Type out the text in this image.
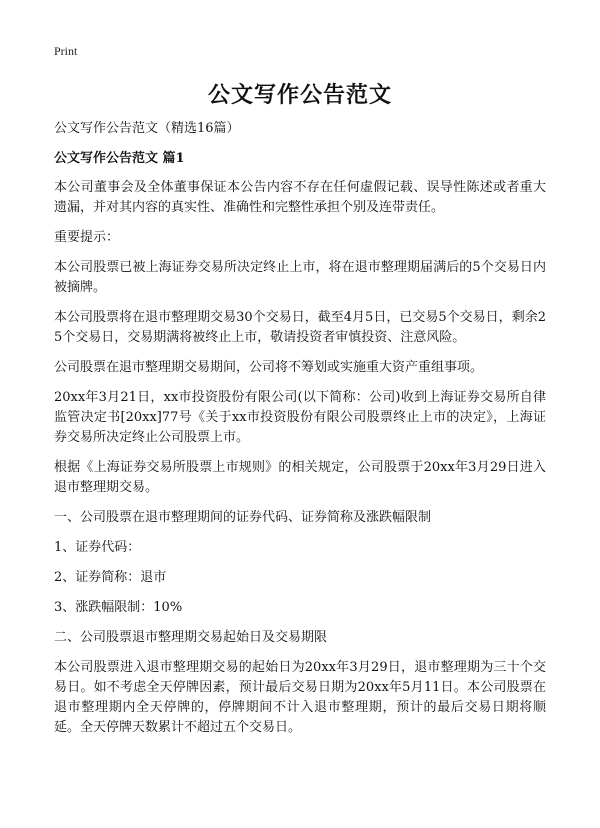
Print
公文写作公告范文

公文写作公告范文（精选16篇）

公文写作公告范文 篇1

本公司董事会及全体董事保证本公告内容不存在任何虚假记载、误导性陈述或者重大遗漏，并对其内容的真实性、准确性和完整性承担个别及连带责任。

重要提示：

本公司股票已被上海证券交易所决定终止上市，将在退市整理期届满后的5个交易日内被摘牌。

本公司股票将在退市整理期交易30个交易日，截至4月5日，已交易5个交易日，剩余25个交易日，交易期满将被终止上市，敬请投资者审慎投资、注意风险。

公司股票在退市整理期交易期间，公司将不筹划或实施重大资产重组事项。

20xx年3月21日，xx市投资股份有限公司(以下简称：公司)收到上海证券交易所自律监管决定书[20xx]77号《关于xx市投资股份有限公司股票终止上市的决定》，上海证券交易所决定终止公司股票上市。

根据《上海证券交易所股票上市规则》的相关规定，公司股票于20xx年3月29日进入退市整理期交易。

一、公司股票在退市整理期间的证券代码、证券简称及涨跌幅限制

1、证券代码：

2、证券简称：退市

3、涨跌幅限制：10%

二、公司股票退市整理期交易起始日及交易期限

本公司股票进入退市整理期交易的起始日为20xx年3月29日，退市整理期为三十个交易日。如不考虑全天停牌因素，预计最后交易日期为20xx年5月11日。本公司股票在退市整理期内全天停牌的，停牌期间不计入退市整理期，预计的最后交易日期将顺延。全天停牌天数累计不超过五个交易日。
